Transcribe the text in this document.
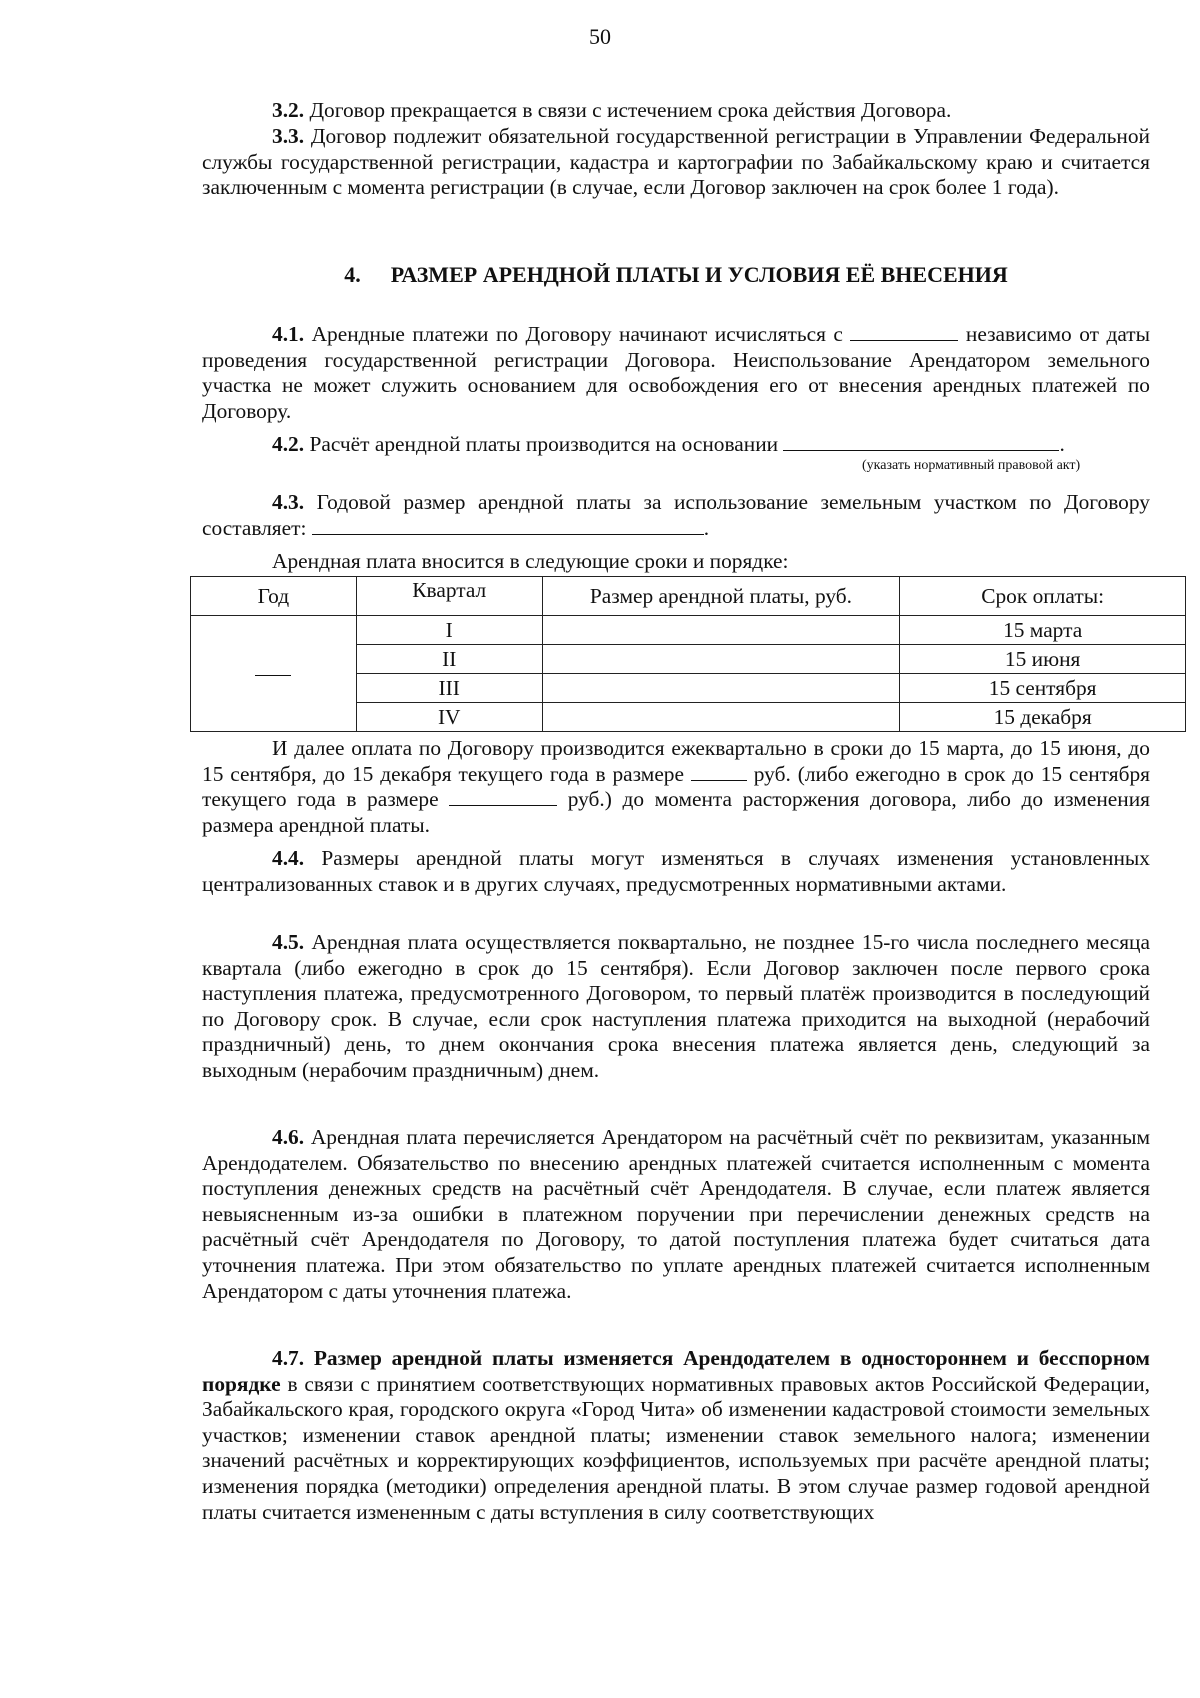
50
3.2. Договор прекращается в связи с истечением срока действия Договора.
3.3. Договор подлежит обязательной государственной регистрации в Управлении Федеральной службы государственной регистрации, кадастра и картографии по Забайкальскому краю и считается заключенным с момента регистрации (в случае, если Договор заключен на срок более 1 года).
4. РАЗМЕР АРЕНДНОЙ ПЛАТЫ И УСЛОВИЯ ЕЁ ВНЕСЕНИЯ
4.1. Арендные платежи по Договору начинают исчисляться с	независимо от даты проведения государственной регистрации Договора. Неиспользование Арендатором земельного участка не может служить основанием для освобождения его от внесения арендных платежей по Договору.
4.2. Расчёт арендной платы производится на основании	.
(указать нормативный правовой акт)
4.3. Годовой размер арендной платы за использование земельным участком по Договору составляет:	.
Арендная плата вносится в следующие сроки и порядке:
Год	Квартал	Размер арендной платы, руб.	Срок оплаты:
	I		15 марта
	II		15 июня
	III		15 сентября
	IV		15 декабря
И далее оплата по Договору производится ежеквартально в сроки до 15 марта, до 15 июня, до 15 сентября, до 15 декабря текущего года в размере	руб. (либо ежегодно в срок до 15 сентября текущего года в размере	руб.) до момента расторжения договора, либо до изменения размера арендной платы.
4.4. Размеры арендной платы могут изменяться в случаях изменения установленных централизованных ставок и в других случаях, предусмотренных нормативными актами.
4.5. Арендная плата осуществляется поквартально, не позднее 15-го числа последнего месяца квартала (либо ежегодно в срок до 15 сентября). Если Договор заключен после первого срока наступления платежа, предусмотренного Договором, то первый платёж производится в последующий по Договору срок. В случае, если срок наступления платежа приходится на выходной (нерабочий праздничный) день, то днем окончания срока внесения платежа является день, следующий за выходным (нерабочим праздничным) днем.
4.6. Арендная плата перечисляется Арендатором на расчётный счёт по реквизитам, указанным Арендодателем. Обязательство по внесению арендных платежей считается исполненным с момента поступления денежных средств на расчётный счёт Арендодателя. В случае, если платеж является невыясненным из-за ошибки в платежном поручении при перечислении денежных средств на расчётный счёт Арендодателя по Договору, то датой поступления платежа будет считаться дата уточнения платежа. При этом обязательство по уплате арендных платежей считается исполненным Арендатором с даты уточнения платежа.
4.7. Размер арендной платы изменяется Арендодателем в одностороннем и бесспорном порядке в связи с принятием соответствующих нормативных правовых актов Российской Федерации, Забайкальского края, городского округа «Город Чита» об изменении кадастровой стоимости земельных участков; изменении ставок арендной платы; изменении ставок земельного налога; изменении значений расчётных и корректирующих коэффициентов, используемых при расчёте арендной платы; изменения порядка (методики) определения арендной платы. В этом случае размер годовой арендной платы считается измененным с даты вступления в силу соответствующих
